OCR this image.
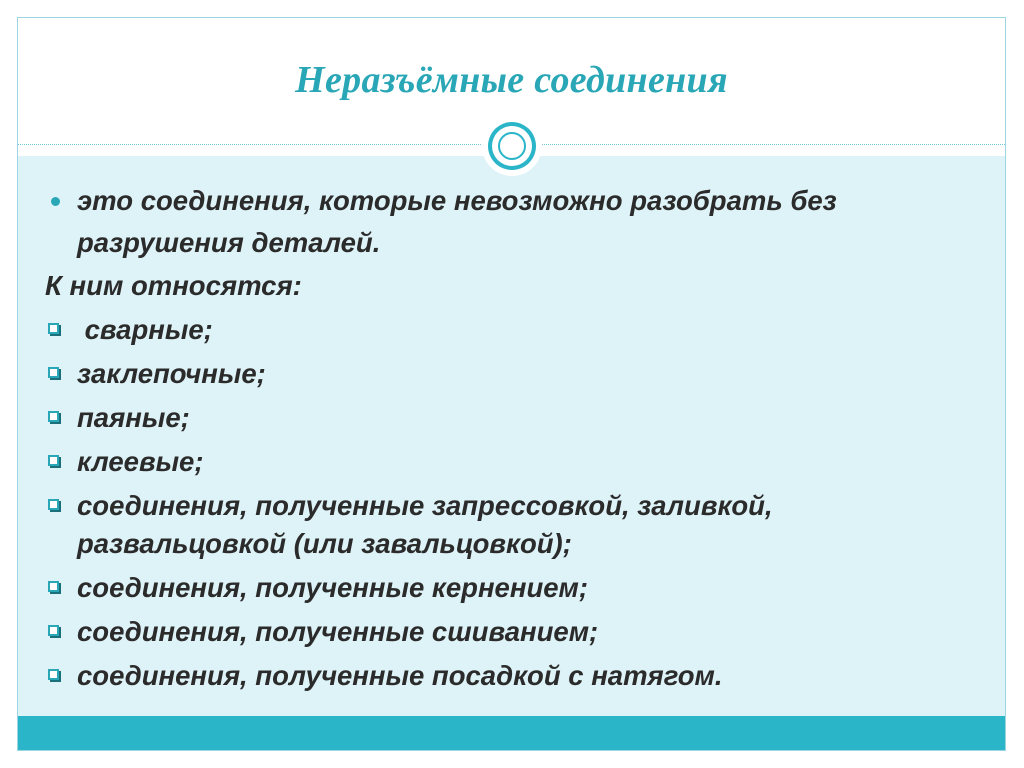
Неразъёмные соединения
это соединения, которые невозможно разобрать без разрушения деталей.
К ним относятся:
сварные;
заклепочные;
паяные;
клеевые;
соединения, полученные запрессовкой, заливкой, развальцовкой (или завальцовкой);
соединения, полученные кернением;
соединения, полученные сшиванием;
соединения, полученные посадкой с натягом.
